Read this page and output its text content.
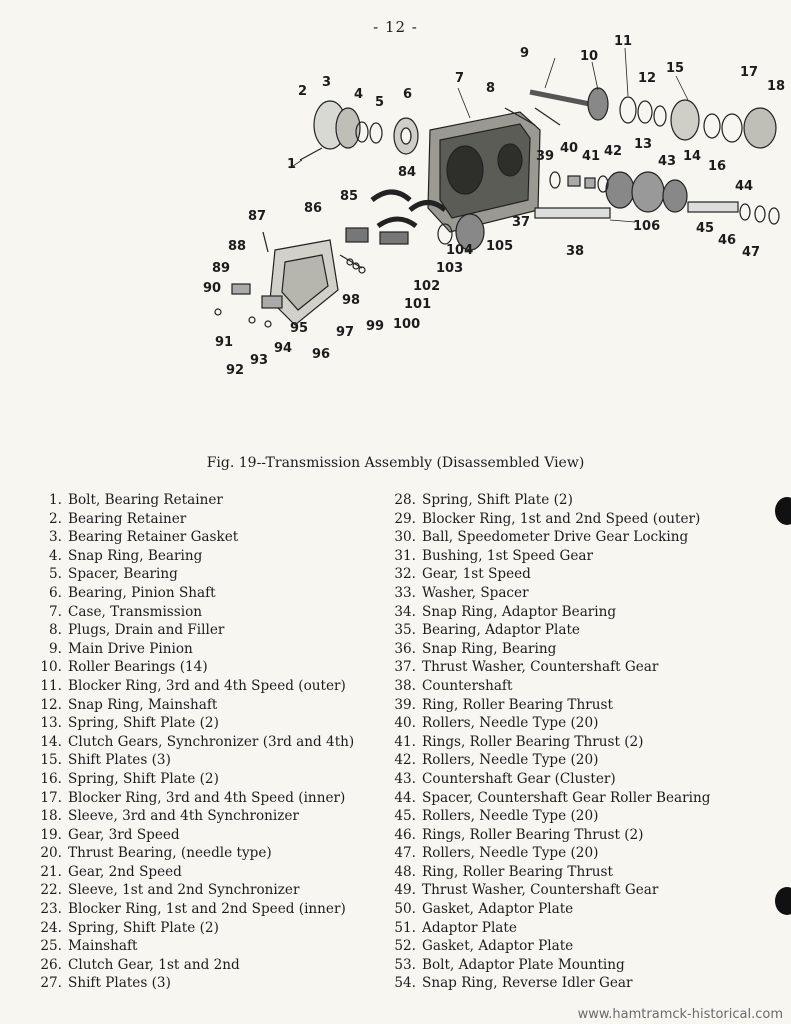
- 12 -
1
2
3
4
5
6
7
8
9	10
11
12
13
14
15
16
17
18
37
38
39
40
41 42
43
44
45
46
47
84
85
86
87
88
89
90
91
92
93
94
95
96
97
98
99 100
101
102
103
104 105
106
Fig. 19--Transmission Assembly (Disassembled View)
1. Bolt, Bearing Retainer
2. Bearing Retainer
3. Bearing Retainer Gasket
4. Snap Ring, Bearing
5. Spacer, Bearing
6. Bearing, Pinion Shaft
7. Case, Transmission
8. Plugs, Drain and Filler
9. Main Drive Pinion
10. Roller Bearings (14)
11. Blocker Ring, 3rd and 4th Speed (outer)
12. Snap Ring, Mainshaft
13. Spring, Shift Plate (2)
14. Clutch Gears, Synchronizer (3rd and 4th)
15. Shift Plates (3)
16. Spring, Shift Plate (2)
17. Blocker Ring, 3rd and 4th Speed (inner)
18. Sleeve, 3rd and 4th Synchronizer
19. Gear, 3rd Speed
20. Thrust Bearing, (needle type)
21. Gear, 2nd Speed
22. Sleeve, 1st and 2nd Synchronizer
23. Blocker Ring, 1st and 2nd Speed (inner)
24. Spring, Shift Plate (2)
25. Mainshaft
26. Clutch Gear, 1st and 2nd
27. Shift Plates (3)
28. Spring, Shift Plate (2)
29. Blocker Ring, 1st and 2nd Speed (outer)
30. Ball, Speedometer Drive Gear Locking
31. Bushing, 1st Speed Gear
32. Gear, 1st Speed
33. Washer, Spacer
34. Snap Ring, Adaptor Bearing
35. Bearing, Adaptor Plate
36. Snap Ring, Bearing
37. Thrust Washer, Countershaft Gear
38. Countershaft
39. Ring, Roller Bearing Thrust
40. Rollers, Needle Type (20)
41. Rings, Roller Bearing Thrust (2)
42. Rollers, Needle Type (20)
43. Countershaft Gear (Cluster)
44. Spacer, Countershaft Gear Roller Bearing
45. Rollers, Needle Type (20)
46. Rings, Roller Bearing Thrust (2)
47. Rollers, Needle Type (20)
48. Ring, Roller Bearing Thrust
49. Thrust Washer, Countershaft Gear
50. Gasket, Adaptor Plate
51. Adaptor Plate
52. Gasket, Adaptor Plate
53. Bolt, Adaptor Plate Mounting
54. Snap Ring, Reverse Idler Gear
www.hamtramck-historical.com
